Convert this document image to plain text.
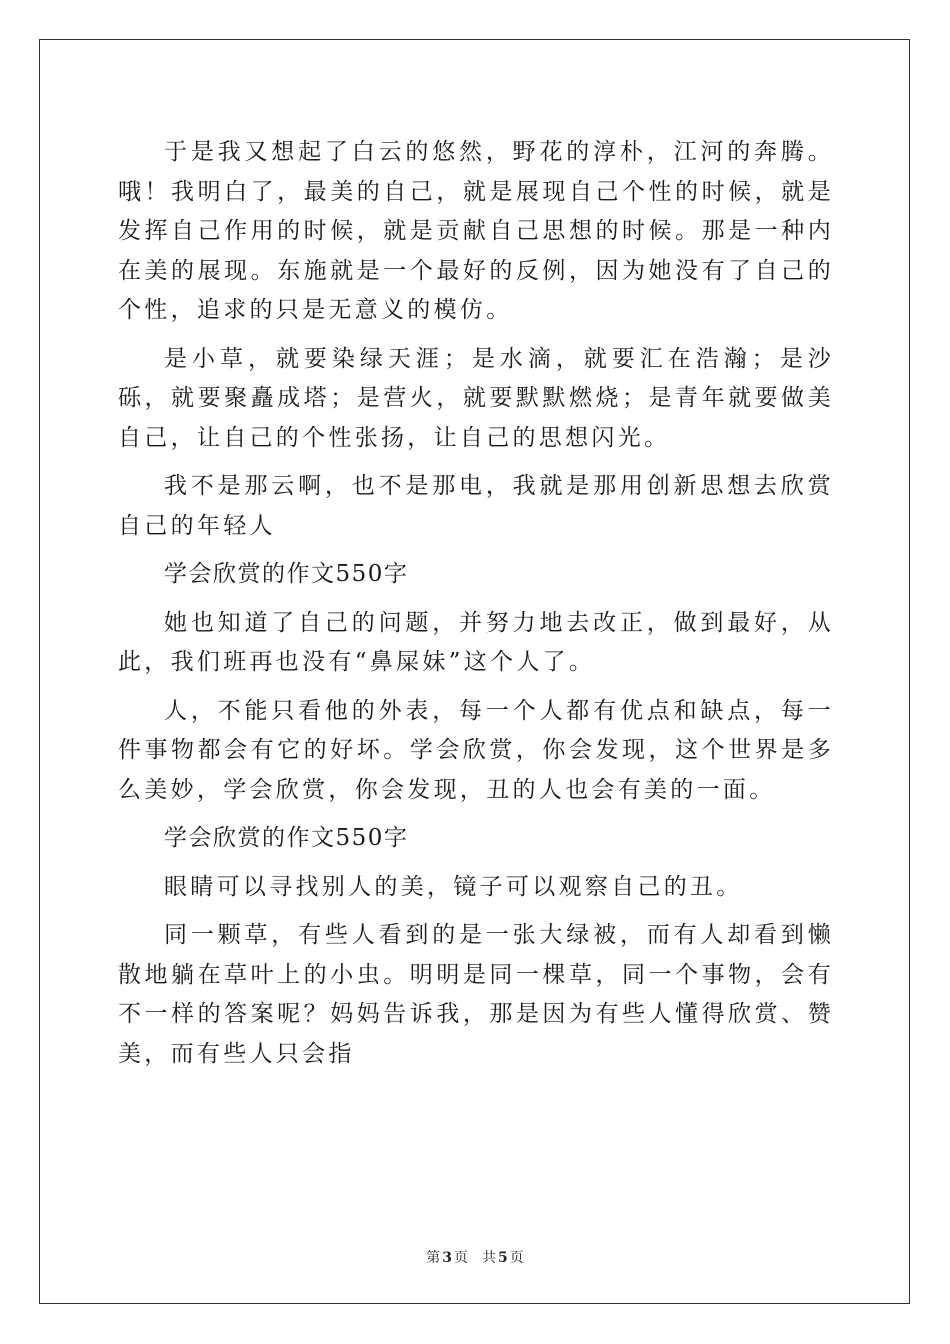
于是我又想起了白云的悠然，野花的淳朴，江河的奔腾。哦！我明白了，最美的自己，就是展现自己个性的时候，就是发挥自己作用的时候，就是贡献自己思想的时候。那是一种内在美的展现。东施就是一个最好的反例，因为她没有了自己的个性，追求的只是无意义的模仿。

是小草，就要染绿天涯；是水滴，就要汇在浩瀚；是沙砾，就要聚矗成塔；是营火，就要默默燃烧；是青年就要做美自己，让自己的个性张扬，让自己的思想闪光。

我不是那云啊，也不是那电，我就是那用创新思想去欣赏自己的年轻人

学会欣赏的作文550字

她也知道了自己的问题，并努力地去改正，做到最好，从此，我们班再也没有“鼻屎妹”这个人了。

人，不能只看他的外表，每一个人都有优点和缺点，每一件事物都会有它的好坏。学会欣赏，你会发现，这个世界是多么美妙，学会欣赏，你会发现，丑的人也会有美的一面。

学会欣赏的作文550字

眼睛可以寻找别人的美，镜子可以观察自己的丑。

同一颗草，有些人看到的是一张大绿被，而有人却看到懒散地躺在草叶上的小虫。明明是同一棵草，同一个事物，会有不一样的答案呢？妈妈告诉我，那是因为有些人懂得欣赏、赞美，而有些人只会指

第 3 页 共 5 页
